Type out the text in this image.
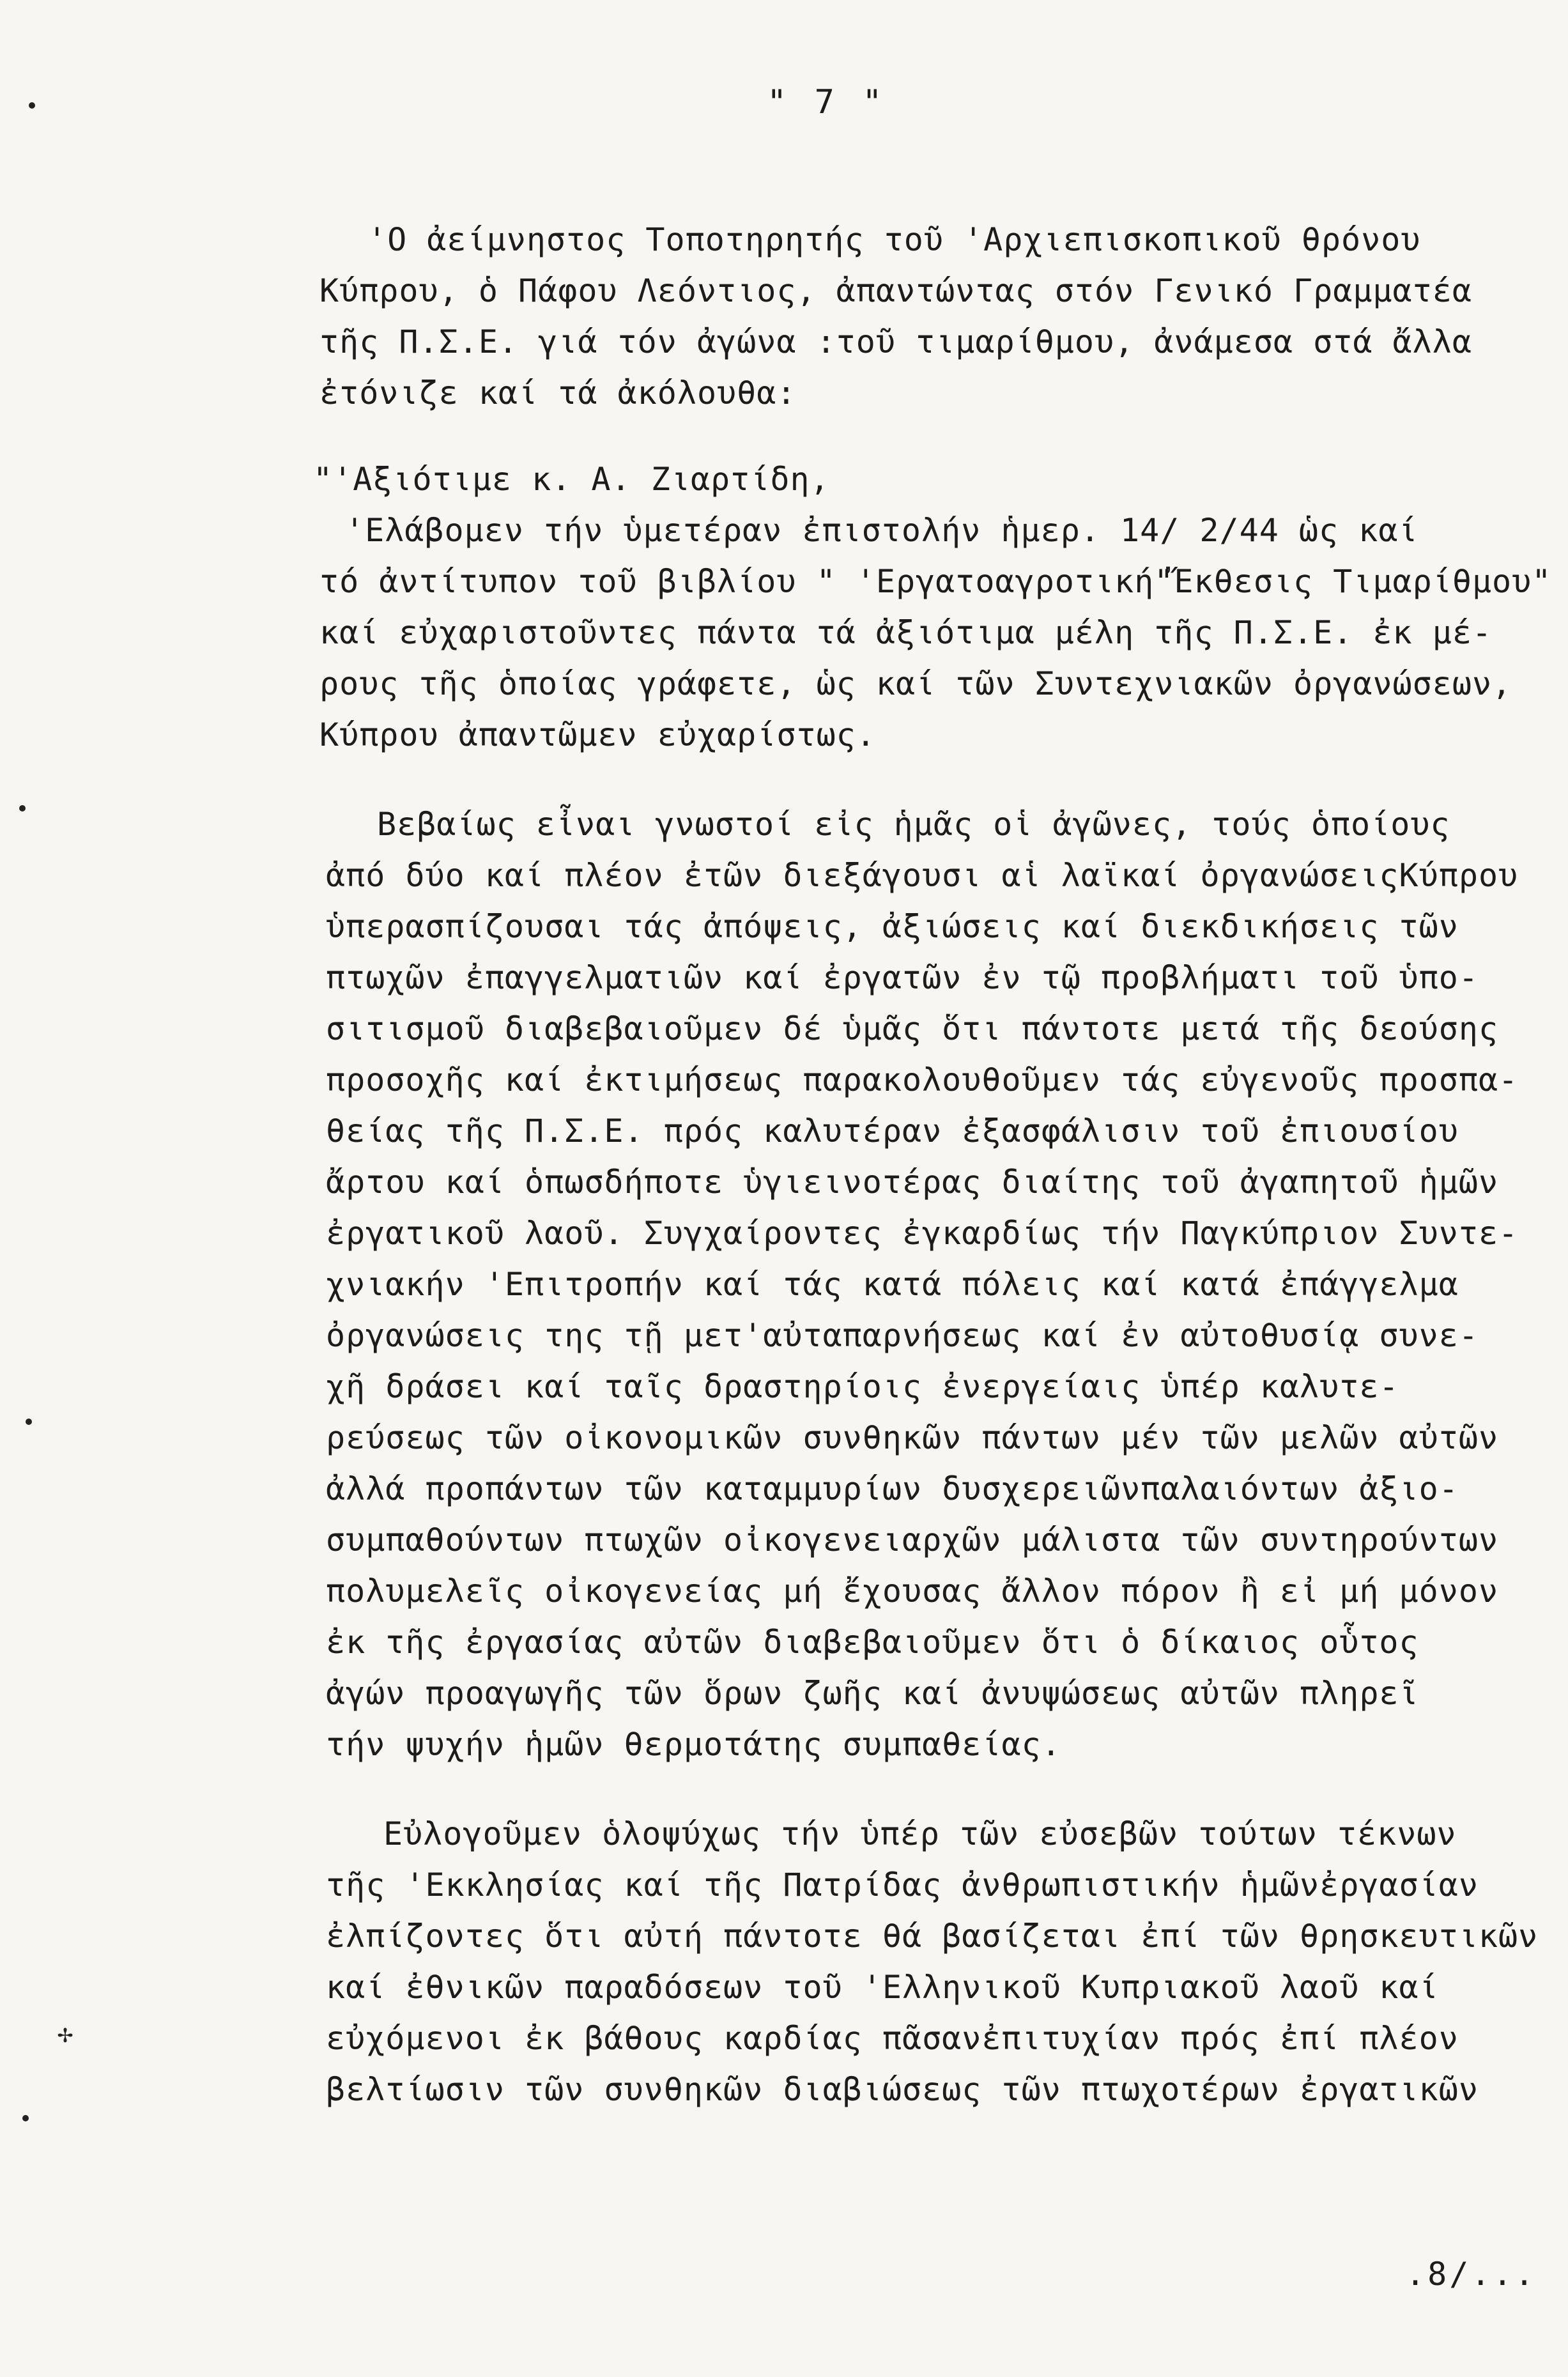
" 7 "
'Ο ἀείμνηστος Τοποτηρητής τοῦ 'Αρχιεπισκοπικοῦ θρόνου
Κύπρου, ὁ Πάφου Λεόντιος, ἀπαντώντας στόν Γενικό Γραμματέα
τῆς Π.Σ.Ε. γιά τόν ἀγώνα :τοῦ τιμαρίθμου, ἀνάμεσα στά ἄλλα
ἐτόνιζε καί τά ἀκόλουθα:
"'Αξιότιμε κ. Α. Ζιαρτίδη,
'Ελάβομεν τήν ὑμετέραν ἐπιστολήν ἡμερ. 14/ 2/44 ὡς καί
τό ἀντίτυπον τοῦ βιβλίου " 'Εργατοαγροτική"Ἔκθεσις Τιμαρίθμου"
καί εὐχαριστοῦντες πάντα τά ἀξιότιμα μέλη τῆς Π.Σ.Ε. ἐκ μέ-
ρους τῆς ὁποίας γράφετε, ὡς καί τῶν Συντεχνιακῶν ὀργανώσεων,
Κύπρου ἀπαντῶμεν εὐχαρίστως.
Βεβαίως εἶναι γνωστοί εἰς ἡμᾶς οἱ ἀγῶνες, τούς ὁποίους
ἀπό δύο καί πλέον ἐτῶν διεξάγουσι αἱ λαϊκαί ὀργανώσειςΚύπρου
ὑπερασπίζουσαι τάς ἀπόψεις, ἀξιώσεις καί διεκδικήσεις τῶν
πτωχῶν ἐπαγγελματιῶν καί ἐργατῶν ἐν τῷ προβλήματι τοῦ ὑπο-
σιτισμοῦ διαβεβαιοῦμεν δέ ὑμᾶς ὅτι πάντοτε μετά τῆς δεούσης
προσοχῆς καί ἐκτιμήσεως παρακολουθοῦμεν τάς εὐγενοῦς προσπα-
θείας τῆς Π.Σ.Ε. πρός καλυτέραν ἐξασφάλισιν τοῦ ἐπιουσίου
ἄρτου καί ὁπωσδήποτε ὑγιεινοτέρας διαίτης τοῦ ἀγαπητοῦ ἡμῶν
ἐργατικοῦ λαοῦ. Συγχαίροντες ἐγκαρδίως τήν Παγκύπριον Συντε-
χνιακήν 'Επιτροπήν καί τάς κατά πόλεις καί κατά ἐπάγγελμα
ὀργανώσεις της τῇ μετ'αὐταπαρνήσεως καί ἐν αὐτοθυσίᾳ συνε-
χῆ δράσει καί ταῖς δραστηρίοις ἐνεργείαις ὑπέρ καλυτε-
ρεύσεως τῶν οἰκονομικῶν συνθηκῶν πάντων μέν τῶν μελῶν αὐτῶν
ἀλλά προπάντων τῶν καταμμυρίων δυσχερειῶνπαλαιόντων ἀξιο-
συμπαθούντων πτωχῶν οἰκογενειαρχῶν μάλιστα τῶν συντηρούντων
πολυμελεῖς οἰκογενείας μή ἔχουσας ἄλλον πόρον ἢ εἰ μή μόνον
ἐκ τῆς ἐργασίας αὐτῶν διαβεβαιοῦμεν ὅτι ὁ δίκαιος οὗτος
ἀγών προαγωγῆς τῶν ὅρων ζωῆς καί ἀνυψώσεως αὐτῶν πληρεῖ
τήν ψυχήν ἡμῶν θερμοτάτης συμπαθείας.
Εὐλογοῦμεν ὁλοψύχως τήν ὑπέρ τῶν εὐσεβῶν τούτων τέκνων
τῆς 'Εκκλησίας καί τῆς Πατρίδας ἀνθρωπιστικήν ἡμῶνἐργασίαν
ἐλπίζοντες ὅτι αὐτή πάντοτε θά βασίζεται ἐπί τῶν θρησκευτικῶν
καί ἐθνικῶν παραδόσεων τοῦ 'Ελληνικοῦ Κυπριακοῦ λαοῦ καί
εὐχόμενοι ἐκ βάθους καρδίας πᾶσανἐπιτυχίαν πρός ἐπί πλέον
βελτίωσιν τῶν συνθηκῶν διαβιώσεως τῶν πτωχοτέρων ἐργατικῶν
.8/...
✢
